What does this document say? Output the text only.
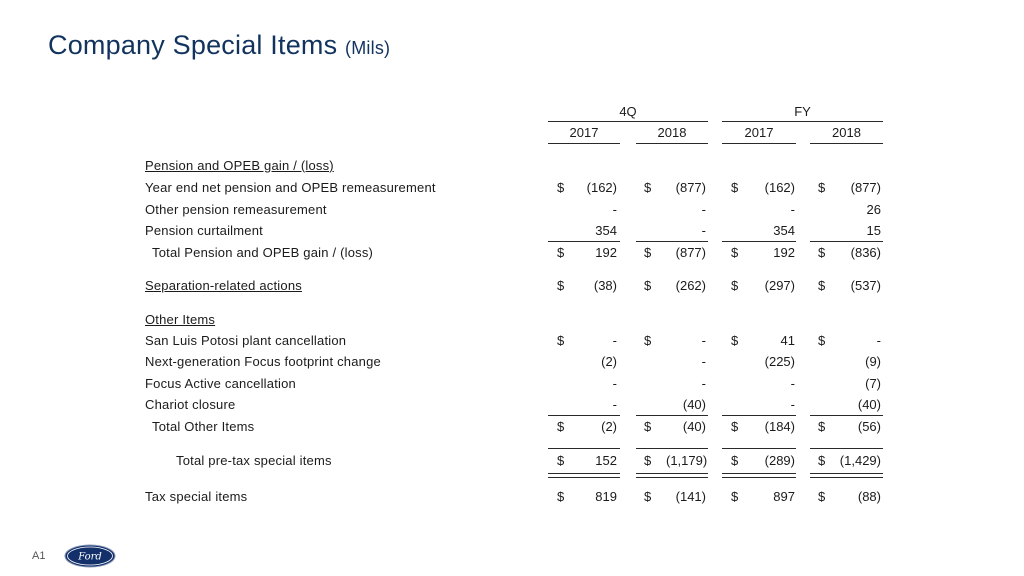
Company Special Items (Mils)
4Q	FY
2017	2018	2017	2018
Pension and OPEB gain / (loss)
Year end net pension and OPEB remeasurement	$	(162) $	(877) $	(162) $	(877)
Other pension remeasurement	-	-	-	26
Pension curtailment	354	-	354	15
Total Pension and OPEB gain / (loss)	$	192 $	(877) $	192 $	(836)
Separation-related actions	$	(38) $	(262) $	(297) $	(537)
Other Items
San Luis Potosi plant cancellation	$	- $	- $	41 $	-
Next-generation Focus footprint change	(2)	-	(225)	(9)
Focus Active cancellation	-	-	-	(7)
Chariot closure	-	(40)	-	(40)
Total Other Items	$	(2) $	(40) $	(184) $	(56)
Total pre-tax special items	$	152 $	(1,179) $	(289) $	(1,429)
Tax special items	$	819 $	(141) $	897 $	(88)
A1	Ford
